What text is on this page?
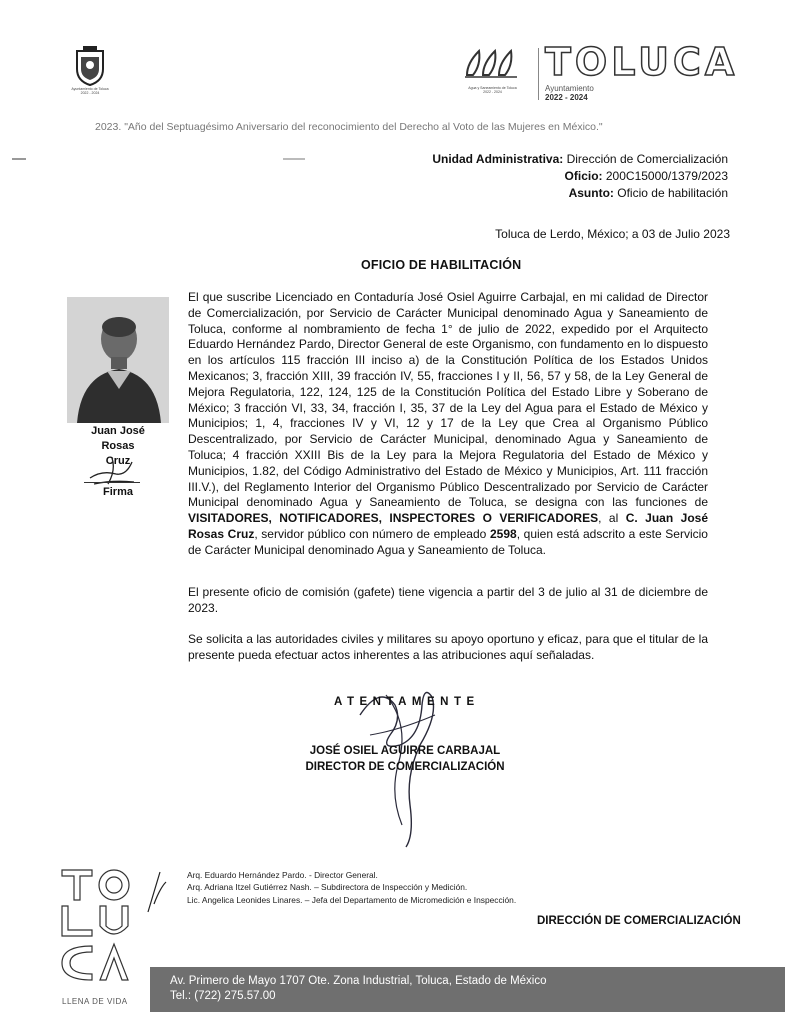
Ayuntamiento de Toluca
2022 - 2024
Agua y Saneamiento de Toluca
2022 - 2024
TOLUCA
Ayuntamiento
2022 - 2024
2023. "Año del Septuagésimo Aniversario del reconocimiento del Derecho al Voto de las Mujeres en México."
Unidad Administrativa: Dirección de Comercialización
Oficio: 200C15000/1379/2023
Asunto: Oficio de habilitación
Toluca de Lerdo, México; a 03 de Julio 2023
OFICIO DE HABILITACIÓN
Juan José
Rosas
Cruz
Firma
El que suscribe Licenciado en Contaduría José Osiel Aguirre Carbajal, en mi calidad de Director de Comercialización, por Servicio de Carácter Municipal denominado Agua y Saneamiento de Toluca, conforme al nombramiento de fecha 1° de julio de 2022, expedido por el Arquitecto Eduardo Hernández Pardo, Director General de este Organismo, con fundamento en lo dispuesto en los artículos 115 fracción III inciso a) de la Constitución Política de los Estados Unidos Mexicanos; 3, fracción XIII, 39 fracción IV, 55, fracciones I y II, 56, 57 y 58, de la Ley General de Mejora Regulatoria, 122, 124, 125 de la Constitución Política del Estado Libre y Soberano de México; 3 fracción VI, 33, 34, fracción I, 35, 37 de la Ley del Agua para el Estado de México y Municipios; 1, 4, fracciones IV y VI, 12 y 17 de la Ley que Crea al Organismo Público Descentralizado, por Servicio de Carácter Municipal, denominado Agua y Saneamiento de Toluca; 4 fracción XXIII Bis de la Ley para la Mejora Regulatoria del Estado de México y Municipios, 1.82, del Código Administrativo del Estado de México y Municipios, Art. 111 fracción III.V.), del Reglamento Interior del Organismo Público Descentralizado por Servicio de Carácter Municipal denominado Agua y Saneamiento de Toluca, se designa con las funciones de VISITADORES, NOTIFICADORES, INSPECTORES O VERIFICADORES, al C. Juan José Rosas Cruz, servidor público con número de empleado 2598, quien está adscrito a este Servicio de Carácter Municipal denominado Agua y Saneamiento de Toluca.
El presente oficio de comisión (gafete) tiene vigencia a partir del 3 de julio al 31 de diciembre de 2023.
Se solicita a las autoridades civiles y militares su apoyo oportuno y eficaz, para que el titular de la presente pueda efectuar actos inherentes a las atribuciones aquí señaladas.
ATENTAMENTE
JOSÉ OSIEL AGUIRRE CARBAJAL
DIRECTOR DE COMERCIALIZACIÓN
LLENA DE VIDA
Arq. Eduardo Hernández Pardo. - Director General.
Arq. Adriana Itzel Gutiérrez Nash. – Subdirectora de Inspección y Medición.
Lic. Angelica Leonides Linares. – Jefa del Departamento de Micromedición e Inspección.
DIRECCIÓN DE COMERCIALIZACIÓN
Av. Primero de Mayo 1707 Ote. Zona Industrial, Toluca, Estado de México
Tel.: (722) 275.57.00
